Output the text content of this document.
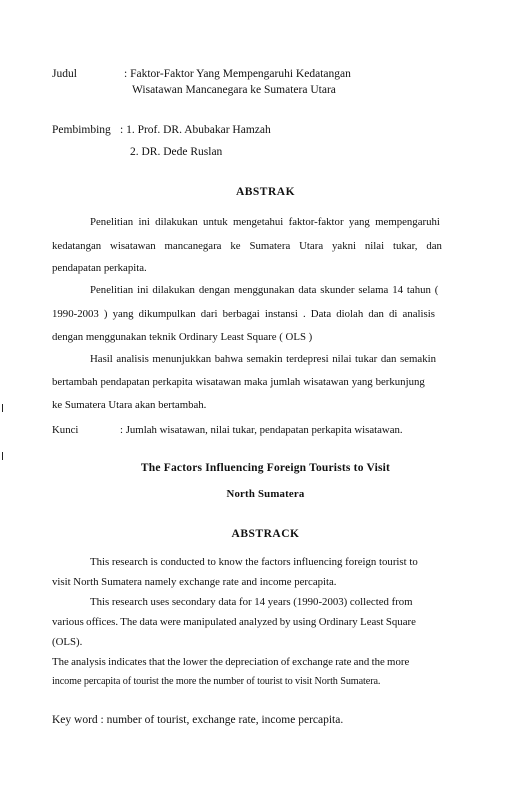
Judul	: Faktor-Faktor Yang Mempengaruhi Kedatangan
Wisatawan Mancanegara ke Sumatera Utara
Pembimbing : 1. Prof. DR. Abubakar Hamzah
2. DR. Dede Ruslan
ABSTRAK
Penelitian ini dilakukan untuk mengetahui faktor-faktor yang mempengaruhi
kedatangan wisatawan mancanegara ke Sumatera Utara yakni nilai tukar, dan
pendapatan perkapita.
Penelitian ini dilakukan dengan menggunakan data skunder selama 14 tahun (
1990-2003 ) yang dikumpulkan dari berbagai instansi . Data diolah dan di analisis
dengan menggunakan teknik Ordinary Least Square ( OLS )
Hasil analisis menunjukkan bahwa semakin terdepresi nilai tukar dan semakin
bertambah pendapatan perkapita wisatawan maka jumlah wisatawan yang berkunjung
ke Sumatera Utara akan bertambah.
Kunci	: Jumlah wisatawan, nilai tukar, pendapatan perkapita wisatawan.
The Factors Influencing Foreign Tourists to Visit
North Sumatera
ABSTRACK
This research is conducted to know the factors influencing foreign tourist to
visit North Sumatera namely exchange rate and income percapita.
This research uses secondary data for 14 years (1990-2003) collected from
various offices. The data were manipulated analyzed by using Ordinary Least Square
(OLS).
The analysis indicates that the lower the depreciation of exchange rate and the more
income percapita of tourist the more the number of tourist to visit North Sumatera.
Key word : number of tourist, exchange rate, income percapita.
